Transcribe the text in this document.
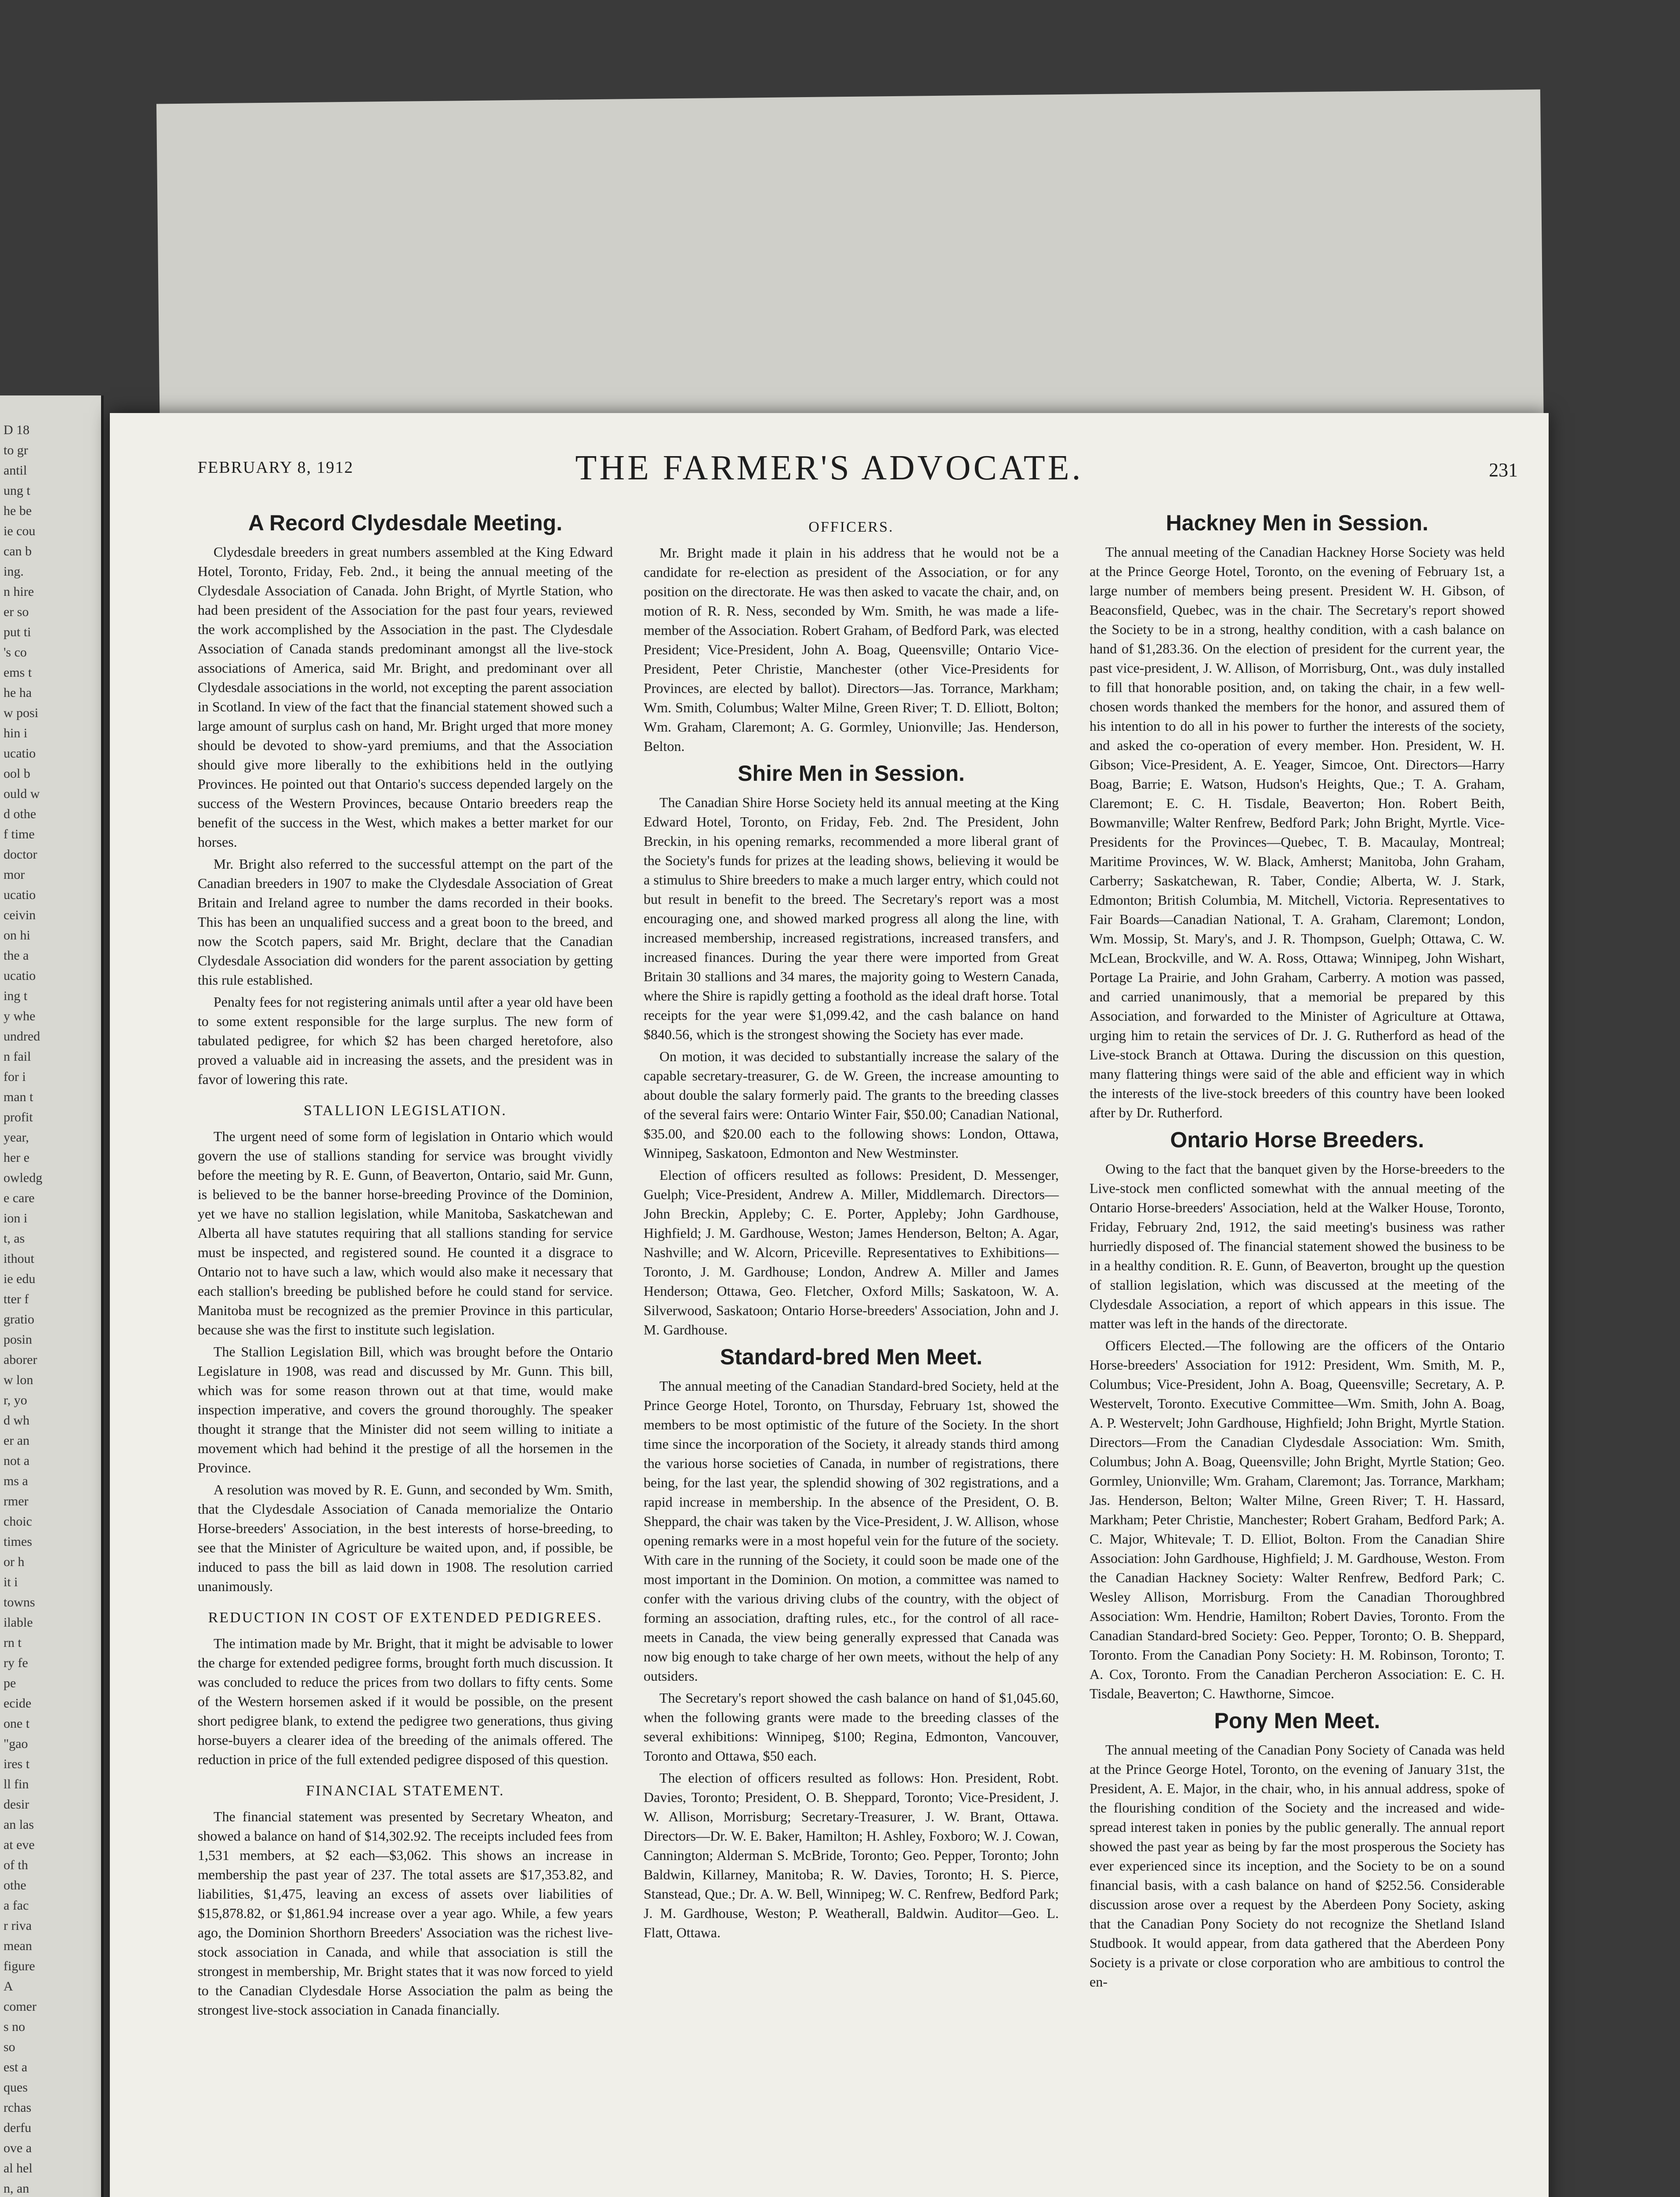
D 18
to gr
antil
ung t
he be
ie cou
can b
ing.
n hire
er so
put ti
's co
ems t
he ha
w posi
hin i
ucatio
ool b
ould w
d othe
f time
doctor
mor
ucatio
ceivin
on hi
the a
ucatio
ing t
y whe
undred
n fail
for i
man t
profit
year,
her e
owledg
e care
ion i
t, as
ithout
ie edu
tter f
gratio
posin
aborer
w lon
r, yo
d wh
er an
not a
ms a
rmer
choic
times
or h
it i
towns
ilable
rn t
ry fe
pe
ecide
one t
"gao
ires t
ll fin
desir
an las
at eve
of th
othe
a fac
r riva
mean
figure
A
comer
s no
so
est a
ques
rchas
derfu
ove a
al hel
n, an
FEBRUARY 8, 1912	THE FARMER'S ADVOCATE.	231
A Record Clydesdale Meeting.

Clydesdale breeders in great numbers assembled at the King Edward Hotel, Toronto, Friday, Feb. 2nd., it being the annual meeting of the Clydesdale Association of Canada. John Bright, of Myrtle Station, who had been president of the Association for the past four years, reviewed the work accomplished by the Association in the past. The Clydesdale Association of Canada stands predominant amongst all the live-stock associations of America, said Mr. Bright, and predominant over all Clydesdale associations in the world, not excepting the parent association in Scotland. In view of the fact that the financial statement showed such a large amount of surplus cash on hand, Mr. Bright urged that more money should be devoted to show-yard premiums, and that the Association should give more liberally to the exhibitions held in the outlying Provinces. He pointed out that Ontario's success depended largely on the success of the Western Provinces, because Ontario breeders reap the benefit of the success in the West, which makes a better market for our horses.

Mr. Bright also referred to the successful attempt on the part of the Canadian breeders in 1907 to make the Clydesdale Association of Great Britain and Ireland agree to number the dams recorded in their books. This has been an unqualified success and a great boon to the breed, and now the Scotch papers, said Mr. Bright, declare that the Canadian Clydesdale Association did wonders for the parent association by getting this rule established.

Penalty fees for not registering animals until after a year old have been to some extent responsible for the large surplus. The new form of tabulated pedigree, for which $2 has been charged heretofore, also proved a valuable aid in increasing the assets, and the president was in favor of lowering this rate.

STALLION LEGISLATION.

The urgent need of some form of legislation in Ontario which would govern the use of stallions standing for service was brought vividly before the meeting by R. E. Gunn, of Beaverton, Ontario, said Mr. Gunn, is believed to be the banner horse-breeding Province of the Dominion, yet we have no stallion legislation, while Manitoba, Saskatchewan and Alberta all have statutes requiring that all stallions standing for service must be inspected, and registered sound. He counted it a disgrace to Ontario not to have such a law, which would also make it necessary that each stallion's breeding be published before he could stand for service. Manitoba must be recognized as the premier Province in this particular, because she was the first to institute such legislation.

The Stallion Legislation Bill, which was brought before the Ontario Legislature in 1908, was read and discussed by Mr. Gunn. This bill, which was for some reason thrown out at that time, would make inspection imperative, and covers the ground thoroughly. The speaker thought it strange that the Minister did not seem willing to initiate a movement which had behind it the prestige of all the horsemen in the Province.

A resolution was moved by R. E. Gunn, and seconded by Wm. Smith, that the Clydesdale Association of Canada memorialize the Ontario Horse-breeders' Association, in the best interests of horse-breeding, to see that the Minister of Agriculture be waited upon, and, if possible, be induced to pass the bill as laid down in 1908. The resolution carried unanimously.

REDUCTION IN COST OF EXTENDED PEDIGREES.

The intimation made by Mr. Bright, that it might be advisable to lower the charge for extended pedigree forms, brought forth much discussion. It was concluded to reduce the prices from two dollars to fifty cents. Some of the Western horsemen asked if it would be possible, on the present short pedigree blank, to extend the pedigree two generations, thus giving horse-buyers a clearer idea of the breeding of the animals offered. The reduction in price of the full extended pedigree disposed of this question.

FINANCIAL STATEMENT.

The financial statement was presented by Secretary Wheaton, and showed a balance on hand of $14,302.92. The receipts included fees from 1,531 members, at $2 each—$3,062. This shows an increase in membership the past year of 237. The total assets are $17,353.82, and liabilities, $1,475, leaving an excess of assets over liabilities of $15,878.82, or $1,861.94 increase over a year ago. While, a few years ago, the Dominion Shorthorn Breeders' Association was the richest live-stock association in Canada, and while that association is still the strongest in membership, Mr. Bright states that it was now forced to yield to the Canadian Clydesdale Horse Association the palm as being the strongest live-stock association in Canada financially.

OFFICERS.

Mr. Bright made it plain in his address that he would not be a candidate for re-election as president of the Association, or for any position on the directorate. He was then asked to vacate the chair, and, on motion of R. R. Ness, seconded by Wm. Smith, he was made a life-member of the Association. Robert Graham, of Bedford Park, was elected President; Vice-President, John A. Boag, Queensville; Ontario Vice-President, Peter Christie, Manchester (other Vice-Presidents for Provinces, are elected by ballot). Directors—Jas. Torrance, Markham; Wm. Smith, Columbus; Walter Milne, Green River; T. D. Elliott, Bolton; Wm. Graham, Claremont; A. G. Gormley, Unionville; Jas. Henderson, Belton.

Shire Men in Session.

The Canadian Shire Horse Society held its annual meeting at the King Edward Hotel, Toronto, on Friday, Feb. 2nd. The President, John Breckin, in his opening remarks, recommended a more liberal grant of the Society's funds for prizes at the leading shows, believing it would be a stimulus to Shire breeders to make a much larger entry, which could not but result in benefit to the breed. The Secretary's report was a most encouraging one, and showed marked progress all along the line, with increased membership, increased registrations, increased transfers, and increased finances. During the year there were imported from Great Britain 30 stallions and 34 mares, the majority going to Western Canada, where the Shire is rapidly getting a foothold as the ideal draft horse. Total receipts for the year were $1,099.42, and the cash balance on hand $840.56, which is the strongest showing the Society has ever made.

On motion, it was decided to substantially increase the salary of the capable secretary-treasurer, G. de W. Green, the increase amounting to about double the salary formerly paid. The grants to the breeding classes of the several fairs were: Ontario Winter Fair, $50.00; Canadian National, $35.00, and $20.00 each to the following shows: London, Ottawa, Winnipeg, Saskatoon, Edmonton and New Westminster.

Election of officers resulted as follows: President, D. Messenger, Guelph; Vice-President, Andrew A. Miller, Middlemarch. Directors—John Breckin, Appleby; C. E. Porter, Appleby; John Gardhouse, Highfield; J. M. Gardhouse, Weston; James Henderson, Belton; A. Agar, Nashville; and W. Alcorn, Priceville. Representatives to Exhibitions—Toronto, J. M. Gardhouse; London, Andrew A. Miller and James Henderson; Ottawa, Geo. Fletcher, Oxford Mills; Saskatoon, W. A. Silverwood, Saskatoon; Ontario Horse-breeders' Association, John and J. M. Gardhouse.

Standard-bred Men Meet.

The annual meeting of the Canadian Standard-bred Society, held at the Prince George Hotel, Toronto, on Thursday, February 1st, showed the members to be most optimistic of the future of the Society. In the short time since the incorporation of the Society, it already stands third among the various horse societies of Canada, in number of registrations, there being, for the last year, the splendid showing of 302 registrations, and a rapid increase in membership. In the absence of the President, O. B. Sheppard, the chair was taken by the Vice-President, J. W. Allison, whose opening remarks were in a most hopeful vein for the future of the society. With care in the running of the Society, it could soon be made one of the most important in the Dominion. On motion, a committee was named to confer with the various driving clubs of the country, with the object of forming an association, drafting rules, etc., for the control of all race-meets in Canada, the view being generally expressed that Canada was now big enough to take charge of her own meets, without the help of any outsiders.

The Secretary's report showed the cash balance on hand of $1,045.60, when the following grants were made to the breeding classes of the several exhibitions: Winnipeg, $100; Regina, Edmonton, Vancouver, Toronto and Ottawa, $50 each.

The election of officers resulted as follows: Hon. President, Robt. Davies, Toronto; President, O. B. Sheppard, Toronto; Vice-President, J. W. Allison, Morrisburg; Secretary-Treasurer, J. W. Brant, Ottawa. Directors—Dr. W. E. Baker, Hamilton; H. Ashley, Foxboro; W. J. Cowan, Cannington; Alderman S. McBride, Toronto; Geo. Pepper, Toronto; John Baldwin, Killarney, Manitoba; R. W. Davies, Toronto; H. S. Pierce, Stanstead, Que.; Dr. A. W. Bell, Winnipeg; W. C. Renfrew, Bedford Park; J. M. Gardhouse, Weston; P. Weatherall, Baldwin. Auditor—Geo. L. Flatt, Ottawa.

Hackney Men in Session.

The annual meeting of the Canadian Hackney Horse Society was held at the Prince George Hotel, Toronto, on the evening of February 1st, a large number of members being present. President W. H. Gibson, of Beaconsfield, Quebec, was in the chair. The Secretary's report showed the Society to be in a strong, healthy condition, with a cash balance on hand of $1,283.36. On the election of president for the current year, the past vice-president, J. W. Allison, of Morrisburg, Ont., was duly installed to fill that honorable position, and, on taking the chair, in a few well-chosen words thanked the members for the honor, and assured them of his intention to do all in his power to further the interests of the society, and asked the co-operation of every member. Hon. President, W. H. Gibson; Vice-President, A. E. Yeager, Simcoe, Ont. Directors—Harry Boag, Barrie; E. Watson, Hudson's Heights, Que.; T. A. Graham, Claremont; E. C. H. Tisdale, Beaverton; Hon. Robert Beith, Bowmanville; Walter Renfrew, Bedford Park; John Bright, Myrtle. Vice-Presidents for the Provinces—Quebec, T. B. Macaulay, Montreal; Maritime Provinces, W. W. Black, Amherst; Manitoba, John Graham, Carberry; Saskatchewan, R. Taber, Condie; Alberta, W. J. Stark, Edmonton; British Columbia, M. Mitchell, Victoria. Representatives to Fair Boards—Canadian National, T. A. Graham, Claremont; London, Wm. Mossip, St. Mary's, and J. R. Thompson, Guelph; Ottawa, C. W. McLean, Brockville, and W. A. Ross, Ottawa; Winnipeg, John Wishart, Portage La Prairie, and John Graham, Carberry. A motion was passed, and carried unanimously, that a memorial be prepared by this Association, and forwarded to the Minister of Agriculture at Ottawa, urging him to retain the services of Dr. J. G. Rutherford as head of the Live-stock Branch at Ottawa. During the discussion on this question, many flattering things were said of the able and efficient way in which the interests of the live-stock breeders of this country have been looked after by Dr. Rutherford.

Ontario Horse Breeders.

Owing to the fact that the banquet given by the Horse-breeders to the Live-stock men conflicted somewhat with the annual meeting of the Ontario Horse-breeders' Association, held at the Walker House, Toronto, Friday, February 2nd, 1912, the said meeting's business was rather hurriedly disposed of. The financial statement showed the business to be in a healthy condition. R. E. Gunn, of Beaverton, brought up the question of stallion legislation, which was discussed at the meeting of the Clydesdale Association, a report of which appears in this issue. The matter was left in the hands of the directorate.

Officers Elected.—The following are the officers of the Ontario Horse-breeders' Association for 1912: President, Wm. Smith, M. P., Columbus; Vice-President, John A. Boag, Queensville; Secretary, A. P. Westervelt, Toronto. Executive Committee—Wm. Smith, John A. Boag, A. P. Westervelt; John Gardhouse, Highfield; John Bright, Myrtle Station. Directors—From the Canadian Clydesdale Association: Wm. Smith, Columbus; John A. Boag, Queensville; John Bright, Myrtle Station; Geo. Gormley, Unionville; Wm. Graham, Claremont; Jas. Torrance, Markham; Jas. Henderson, Belton; Walter Milne, Green River; T. H. Hassard, Markham; Peter Christie, Manchester; Robert Graham, Bedford Park; A. C. Major, Whitevale; T. D. Elliot, Bolton. From the Canadian Shire Association: John Gardhouse, Highfield; J. M. Gardhouse, Weston. From the Canadian Hackney Society: Walter Renfrew, Bedford Park; C. Wesley Allison, Morrisburg. From the Canadian Thoroughbred Association: Wm. Hendrie, Hamilton; Robert Davies, Toronto. From the Canadian Standard-bred Society: Geo. Pepper, Toronto; O. B. Sheppard, Toronto. From the Canadian Pony Society: H. M. Robinson, Toronto; T. A. Cox, Toronto. From the Canadian Percheron Association: E. C. H. Tisdale, Beaverton; C. Hawthorne, Simcoe.

Pony Men Meet.

The annual meeting of the Canadian Pony Society of Canada was held at the Prince George Hotel, Toronto, on the evening of January 31st, the President, A. E. Major, in the chair, who, in his annual address, spoke of the flourishing condition of the Society and the increased and wide-spread interest taken in ponies by the public generally. The annual report showed the past year as being by far the most prosperous the Society has ever experienced since its inception, and the Society to be on a sound financial basis, with a cash balance on hand of $252.56. Considerable discussion arose over a request by the Aberdeen Pony Society, asking that the Canadian Pony Society do not recognize the Shetland Island Studbook. It would appear, from data gathered that the Aberdeen Pony Society is a private or close corporation who are ambitious to control the en-
